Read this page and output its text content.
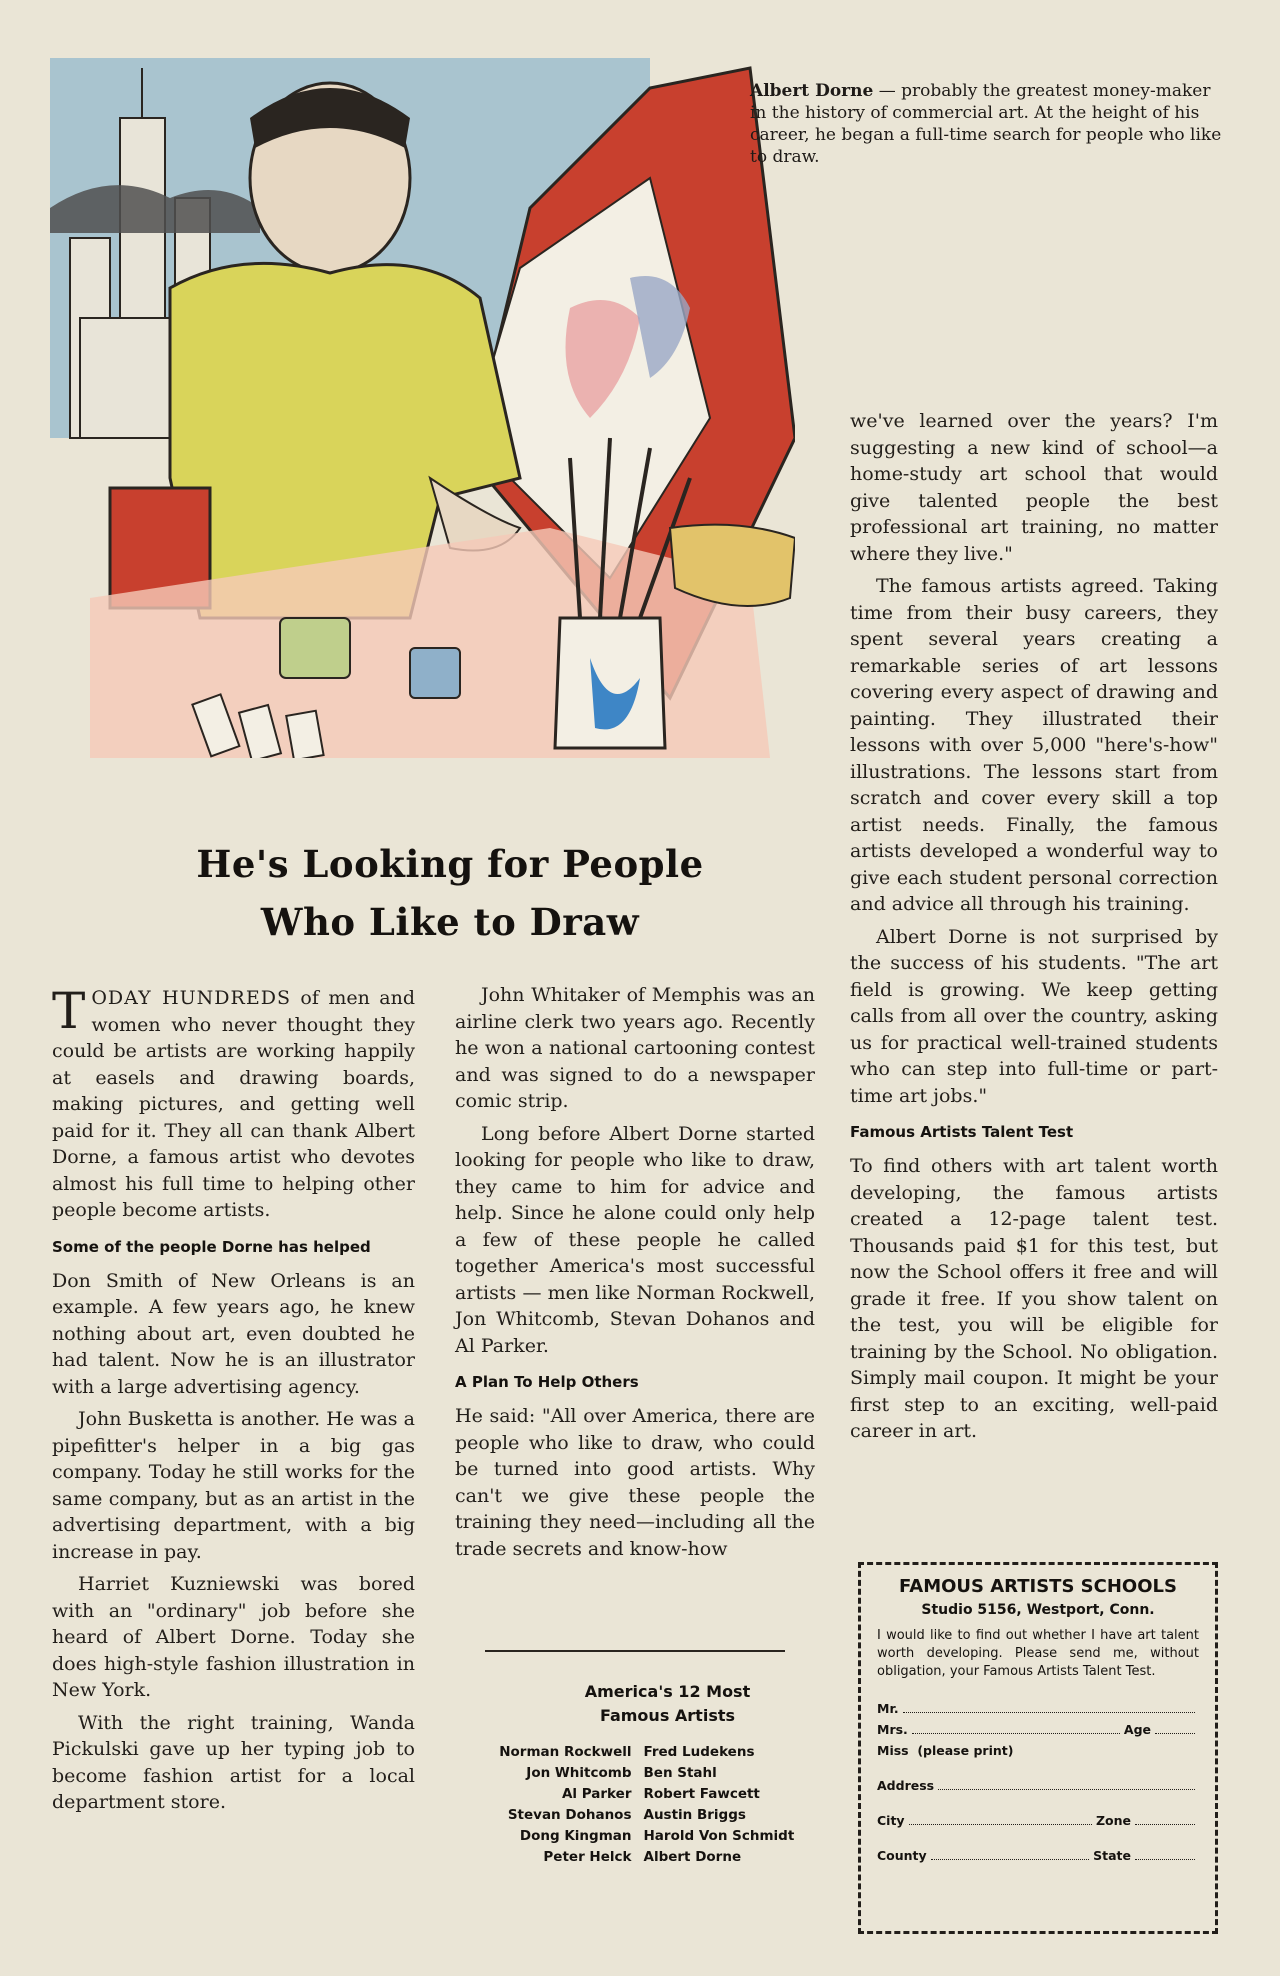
Albert Dorne — probably the greatest money-maker in the history of commercial art. At the height of his career, he began a full-time search for people who like to draw.
He's Looking for People
Who Like to Draw

TODAY HUNDREDS of men and women who never thought they could be artists are working happily at easels and drawing boards, making pictures, and getting well paid for it. They all can thank Albert Dorne, a famous artist who devotes almost his full time to helping other people become artists.

Some of the people Dorne has helped

Don Smith of New Orleans is an example. A few years ago, he knew nothing about art, even doubted he had talent. Now he is an illustrator with a large advertising agency.

John Busketta is another. He was a pipefitter's helper in a big gas company. Today he still works for the same company, but as an artist in the advertising department, with a big increase in pay.

Harriet Kuzniewski was bored with an "ordinary" job before she heard of Albert Dorne. Today she does high-style fashion illustration in New York.

With the right training, Wanda Pickulski gave up her typing job to become fashion artist for a local department store.

John Whitaker of Memphis was an airline clerk two years ago. Recently he won a national cartooning contest and was signed to do a newspaper comic strip.

Long before Albert Dorne started looking for people who like to draw, they came to him for advice and help. Since he alone could only help a few of these people he called together America's most successful artists — men like Norman Rockwell, Jon Whitcomb, Stevan Dohanos and Al Parker.

A Plan To Help Others

He said: "All over America, there are people who like to draw, who could be turned into good artists. Why can't we give these people the training they need—including all the trade secrets and know-how

we've learned over the years? I'm suggesting a new kind of school—a home-study art school that would give talented people the best professional art training, no matter where they live."

The famous artists agreed. Taking time from their busy careers, they spent several years creating a remarkable series of art lessons covering every aspect of drawing and painting. They illustrated their lessons with over 5,000 "here's-how" illustrations. The lessons start from scratch and cover every skill a top artist needs. Finally, the famous artists developed a wonderful way to give each student personal correction and advice all through his training.

Albert Dorne is not surprised by the success of his students. "The art field is growing. We keep getting calls from all over the country, asking us for practical well-trained students who can step into full-time or part-time art jobs."

Famous Artists Talent Test

To find others with art talent worth developing, the famous artists created a 12-page talent test. Thousands paid $1 for this test, but now the School offers it free and will grade it free. If you show talent on the test, you will be eligible for training by the School. No obligation. Simply mail coupon. It might be your first step to an exciting, well-paid career in art.

America's 12 Most
Famous Artists
Norman Rockwell	Fred Ludekens
Jon Whitcomb	Ben Stahl
Al Parker	Robert Fawcett
Stevan Dohanos	Austin Briggs
Dong Kingman	Harold Von Schmidt
Peter Helck	Albert Dorne
FAMOUS ARTISTS SCHOOLS
Studio 5156, Westport, Conn.
I would like to find out whether I have art talent worth developing. Please send me, without obligation, your Famous Artists Talent Test.
Mr.
Mrs.	Age
Miss
(please print)
Address
City	Zone
County	State
